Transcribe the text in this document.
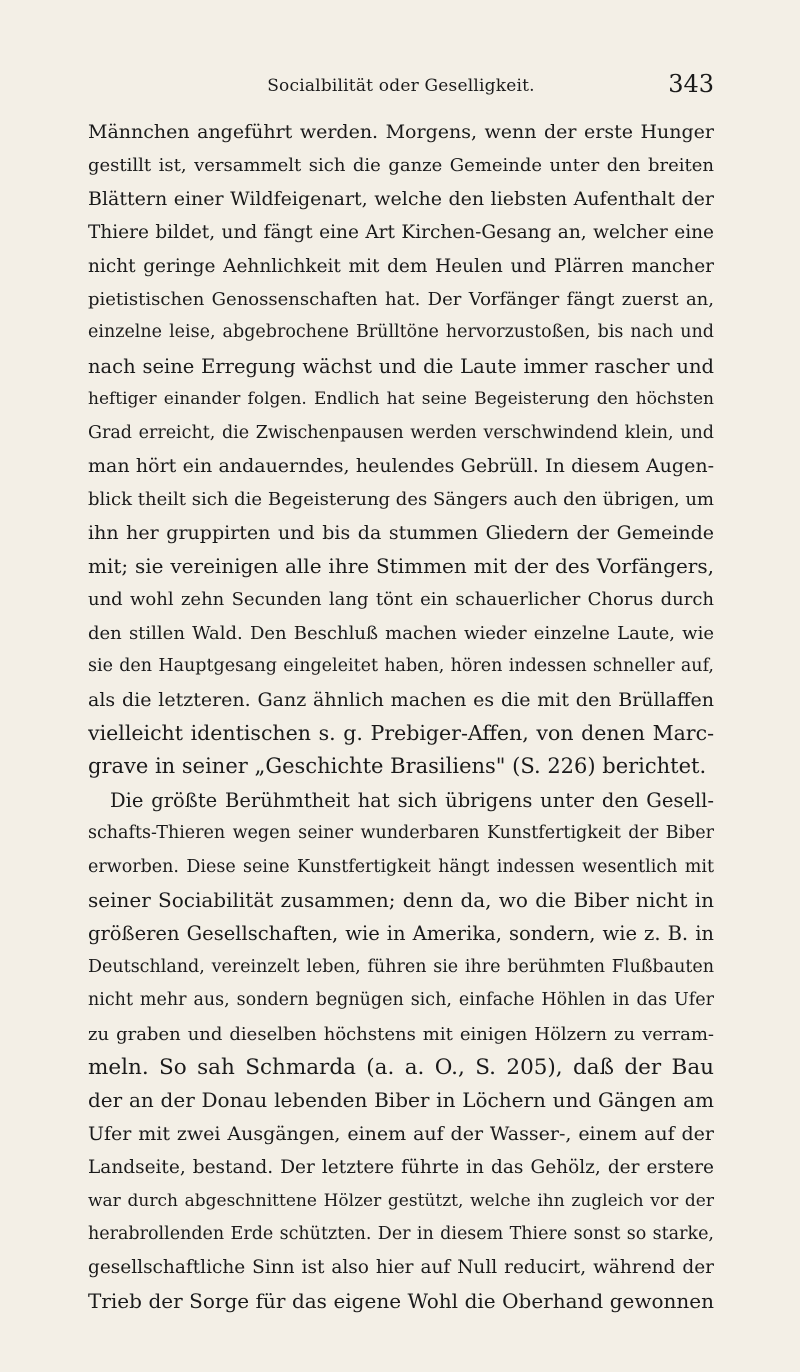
Socialbilität oder Geselligkeit.	343
Männchen angeführt werden. Morgens, wenn der erste Hunger
gestillt ist, versammelt sich die ganze Gemeinde unter den breiten
Blättern einer Wildfeigenart, welche den liebsten Aufenthalt der
Thiere bildet, und fängt eine Art Kirchen-Gesang an, welcher eine
nicht geringe Aehnlichkeit mit dem Heulen und Plärren mancher
pietistischen Genossenschaften hat. Der Vorfänger fängt zuerst an,
einzelne leise, abgebrochene Brülltöne hervorzustoßen, bis nach und
nach seine Erregung wächst und die Laute immer rascher und
heftiger einander folgen. Endlich hat seine Begeisterung den höchsten
Grad erreicht, die Zwischenpausen werden verschwindend klein, und
man hört ein andauerndes, heulendes Gebrüll. In diesem Augen-
blick theilt sich die Begeisterung des Sängers auch den übrigen, um
ihn her gruppirten und bis da stummen Gliedern der Gemeinde
mit; sie vereinigen alle ihre Stimmen mit der des Vorfängers,
und wohl zehn Secunden lang tönt ein schauerlicher Chorus durch
den stillen Wald. Den Beschluß machen wieder einzelne Laute, wie
sie den Hauptgesang eingeleitet haben, hören indessen schneller auf,
als die letzteren. Ganz ähnlich machen es die mit den Brüllaffen
vielleicht identischen s. g. Prebiger-Affen, von denen Marc-
grave in seiner „Geschichte Brasiliens" (S. 226) berichtet.
Die größte Berühmtheit hat sich übrigens unter den Gesell-
schafts-Thieren wegen seiner wunderbaren Kunstfertigkeit der Biber
erworben. Diese seine Kunstfertigkeit hängt indessen wesentlich mit
seiner Sociabilität zusammen; denn da, wo die Biber nicht in
größeren Gesellschaften, wie in Amerika, sondern, wie z. B. in
Deutschland, vereinzelt leben, führen sie ihre berühmten Flußbauten
nicht mehr aus, sondern begnügen sich, einfache Höhlen in das Ufer
zu graben und dieselben höchstens mit einigen Hölzern zu verram-
meln. So sah Schmarda (a. a. O., S. 205), daß der Bau
der an der Donau lebenden Biber in Löchern und Gängen am
Ufer mit zwei Ausgängen, einem auf der Wasser-, einem auf der
Landseite, bestand. Der letztere führte in das Gehölz, der erstere
war durch abgeschnittene Hölzer gestützt, welche ihn zugleich vor der
herabrollenden Erde schützten. Der in diesem Thiere sonst so starke,
gesellschaftliche Sinn ist also hier auf Null reducirt, während der
Trieb der Sorge für das eigene Wohl die Oberhand gewonnen
